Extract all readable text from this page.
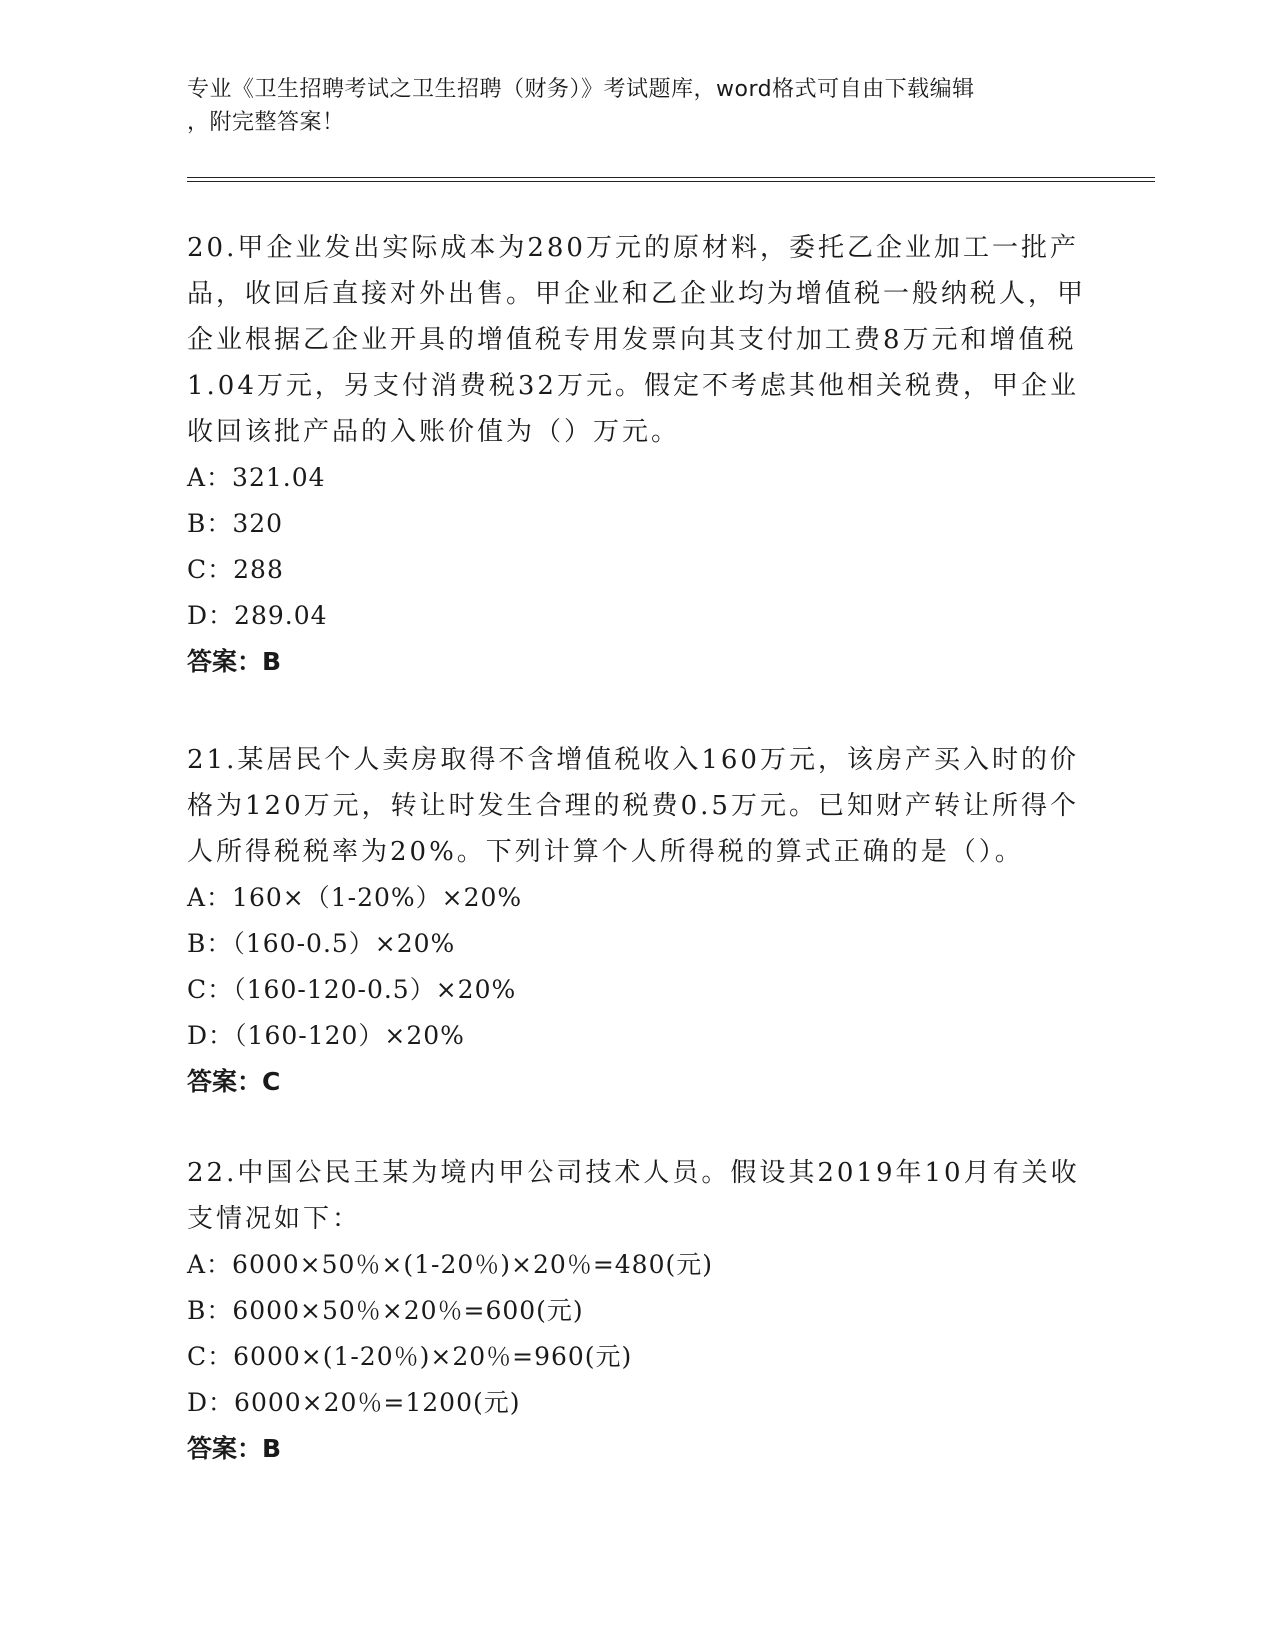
专业《卫生招聘考试之卫生招聘（财务）》考试题库，word格式可自由下载编辑
，附完整答案！

20.甲企业发出实际成本为280万元的原材料，委托乙企业加工一批产品，收回后直接对外出售。甲企业和乙企业均为增值税一般纳税人，甲企业根据乙企业开具的增值税专用发票向其支付加工费8万元和增值税1.04万元，另支付消费税32万元。假定不考虑其他相关税费，甲企业收回该批产品的入账价值为（）万元。

A：321.04

B：320

C：288

D：289.04

答案：B

21.某居民个人卖房取得不含增值税收入160万元，该房产买入时的价格为120万元，转让时发生合理的税费0.5万元。已知财产转让所得个人所得税税率为20%。下列计算个人所得税的算式正确的是（）。

A：160×（1-20%）×20%

B：（160-0.5）×20%

C：（160-120-0.5）×20%

D：（160-120）×20%

答案：C

22.中国公民王某为境内甲公司技术人员。假设其2019年10月有关收支情况如下：

A：6000×50％×(1-20％)×20％=480(元)

B：6000×50％×20％=600(元)

C：6000×(1-20％)×20％=960(元)

D：6000×20％=1200(元)

答案：B
